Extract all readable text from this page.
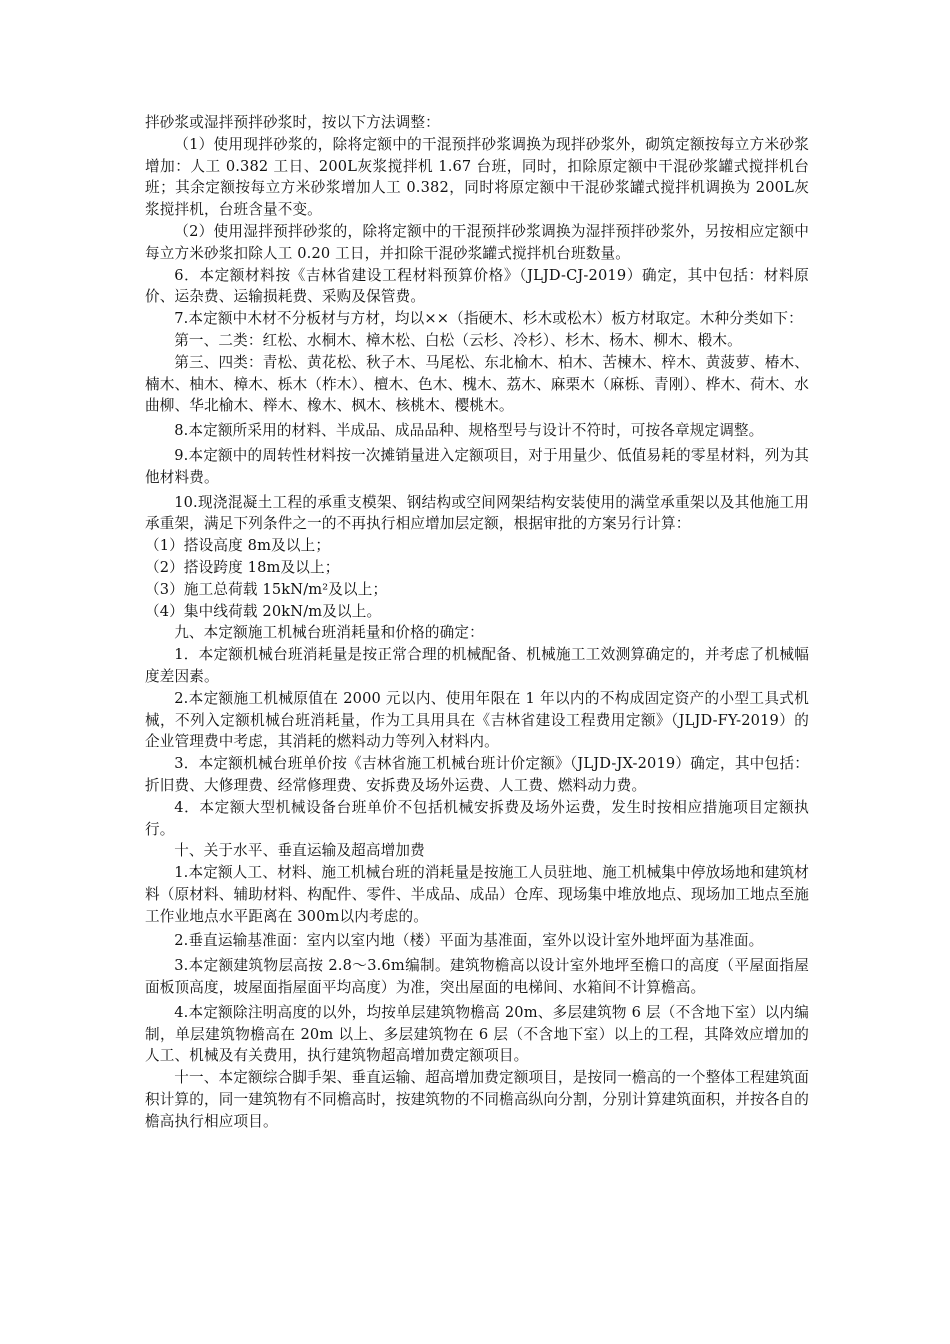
拌砂浆或湿拌预拌砂浆时，按以下方法调整：

（1）使用现拌砂浆的，除将定额中的干混预拌砂浆调换为现拌砂浆外，砌筑定额按每立方米砂浆增加：人工 0.382 工日、200L灰浆搅拌机 1.67 台班，同时，扣除原定额中干混砂浆罐式搅拌机台班；其余定额按每立方米砂浆增加人工 0.382，同时将原定额中干混砂浆罐式搅拌机调换为 200L灰浆搅拌机，台班含量不变。

（2）使用湿拌预拌砂浆的，除将定额中的干混预拌砂浆调换为湿拌预拌砂浆外，另按相应定额中每立方米砂浆扣除人工 0.20 工日，并扣除干混砂浆罐式搅拌机台班数量。

6．本定额材料按《吉林省建设工程材料预算价格》（JLJD-CJ-2019）确定，其中包括：材料原价、运杂费、运输损耗费、采购及保管费。

7.本定额中木材不分板材与方材，均以××（指硬木、杉木或松木）板方材取定。木种分类如下：

第一、二类：红松、水桐木、樟木松、白松（云杉、冷杉）、杉木、杨木、柳木、椴木。

第三、四类：青松、黄花松、秋子木、马尾松、东北榆木、柏木、苦楝木、梓木、黄菠萝、椿木、楠木、柚木、樟木、栎木（柞木）、檀木、色木、槐木、荔木、麻栗木（麻栎、青刚）、桦木、荷木、水曲柳、华北榆木、榉木、橡木、枫木、核桃木、樱桃木。

8.本定额所采用的材料、半成品、成品品种、规格型号与设计不符时，可按各章规定调整。

9.本定额中的周转性材料按一次摊销量进入定额项目，对于用量少、低值易耗的零星材料，列为其他材料费。

10.现浇混凝土工程的承重支模架、钢结构或空间网架结构安装使用的满堂承重架以及其他施工用承重架，满足下列条件之一的不再执行相应增加层定额，根据审批的方案另行计算：

（1）搭设高度 8m及以上；

（2）搭设跨度 18m及以上；

（3）施工总荷载 15kN/m²及以上；

（4）集中线荷载 20kN/m及以上。

九、本定额施工机械台班消耗量和价格的确定：

1．本定额机械台班消耗量是按正常合理的机械配备、机械施工工效测算确定的，并考虑了机械幅度差因素。

2.本定额施工机械原值在 2000 元以内、使用年限在 1 年以内的不构成固定资产的小型工具式机械，不列入定额机械台班消耗量，作为工具用具在《吉林省建设工程费用定额》（JLJD-FY-2019）的企业管理费中考虑，其消耗的燃料动力等列入材料内。

3．本定额机械台班单价按《吉林省施工机械台班计价定额》（JLJD-JX-2019）确定，其中包括：折旧费、大修理费、经常修理费、安拆费及场外运费、人工费、燃料动力费。

4．本定额大型机械设备台班单价不包括机械安拆费及场外运费，发生时按相应措施项目定额执行。

十、关于水平、垂直运输及超高增加费

1.本定额人工、材料、施工机械台班的消耗量是按施工人员驻地、施工机械集中停放场地和建筑材料（原材料、辅助材料、构配件、零件、半成品、成品）仓库、现场集中堆放地点、现场加工地点至施工作业地点水平距离在 300m以内考虑的。

2.垂直运输基准面：室内以室内地（楼）平面为基准面，室外以设计室外地坪面为基准面。

3.本定额建筑物层高按 2.8～3.6m编制。建筑物檐高以设计室外地坪至檐口的高度（平屋面指屋面板顶高度，坡屋面指屋面平均高度）为准，突出屋面的电梯间、水箱间不计算檐高。

4.本定额除注明高度的以外，均按单层建筑物檐高 20m、多层建筑物 6 层（不含地下室）以内编制，单层建筑物檐高在 20m 以上、多层建筑物在 6 层（不含地下室）以上的工程，其降效应增加的人工、机械及有关费用，执行建筑物超高增加费定额项目。

十一、本定额综合脚手架、垂直运输、超高增加费定额项目，是按同一檐高的一个整体工程建筑面积计算的，同一建筑物有不同檐高时，按建筑物的不同檐高纵向分割，分别计算建筑面积，并按各自的檐高执行相应项目。
